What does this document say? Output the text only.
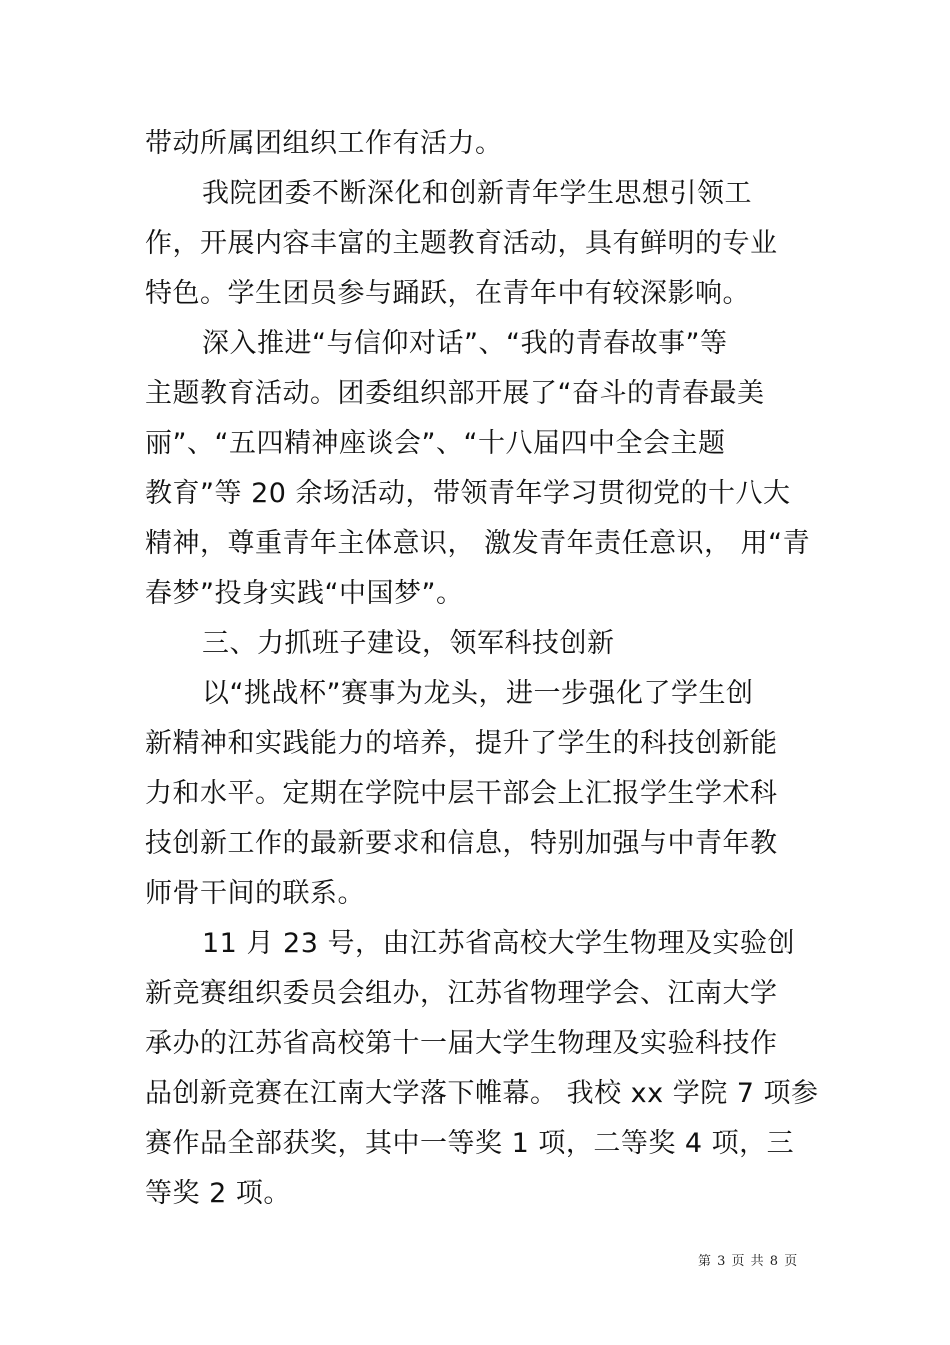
带动所属团组织工作有活力。
我院团委不断深化和创新青年学生思想引领工
作，开展内容丰富的主题教育活动，具有鲜明的专业
特色。学生团员参与踊跃，在青年中有较深影响。
深入推进“与信仰对话”、“我的青春故事”等
主题教育活动。团委组织部开展了“奋斗的青春最美
丽”、“五四精神座谈会”、“十八届四中全会主题
教育”等 20 余场活动，带领青年学习贯彻党的十八大
精神，尊重青年主体意识， 激发青年责任意识， 用“青
春梦”投身实践“中国梦”。
三、力抓班子建设，领军科技创新
以“挑战杯”赛事为龙头，进一步强化了学生创
新精神和实践能力的培养，提升了学生的科技创新能
力和水平。定期在学院中层干部会上汇报学生学术科
技创新工作的最新要求和信息，特别加强与中青年教
师骨干间的联系。
11 月 23 号，由江苏省高校大学生物理及实验创
新竞赛组织委员会组办，江苏省物理学会、江南大学
承办的江苏省高校第十一届大学生物理及实验科技作
品创新竞赛在江南大学落下帷幕。 我校 xx 学院 7 项参
赛作品全部获奖，其中一等奖 1 项，二等奖 4 项，三
等奖 2 项。
第 3 页 共 8 页
